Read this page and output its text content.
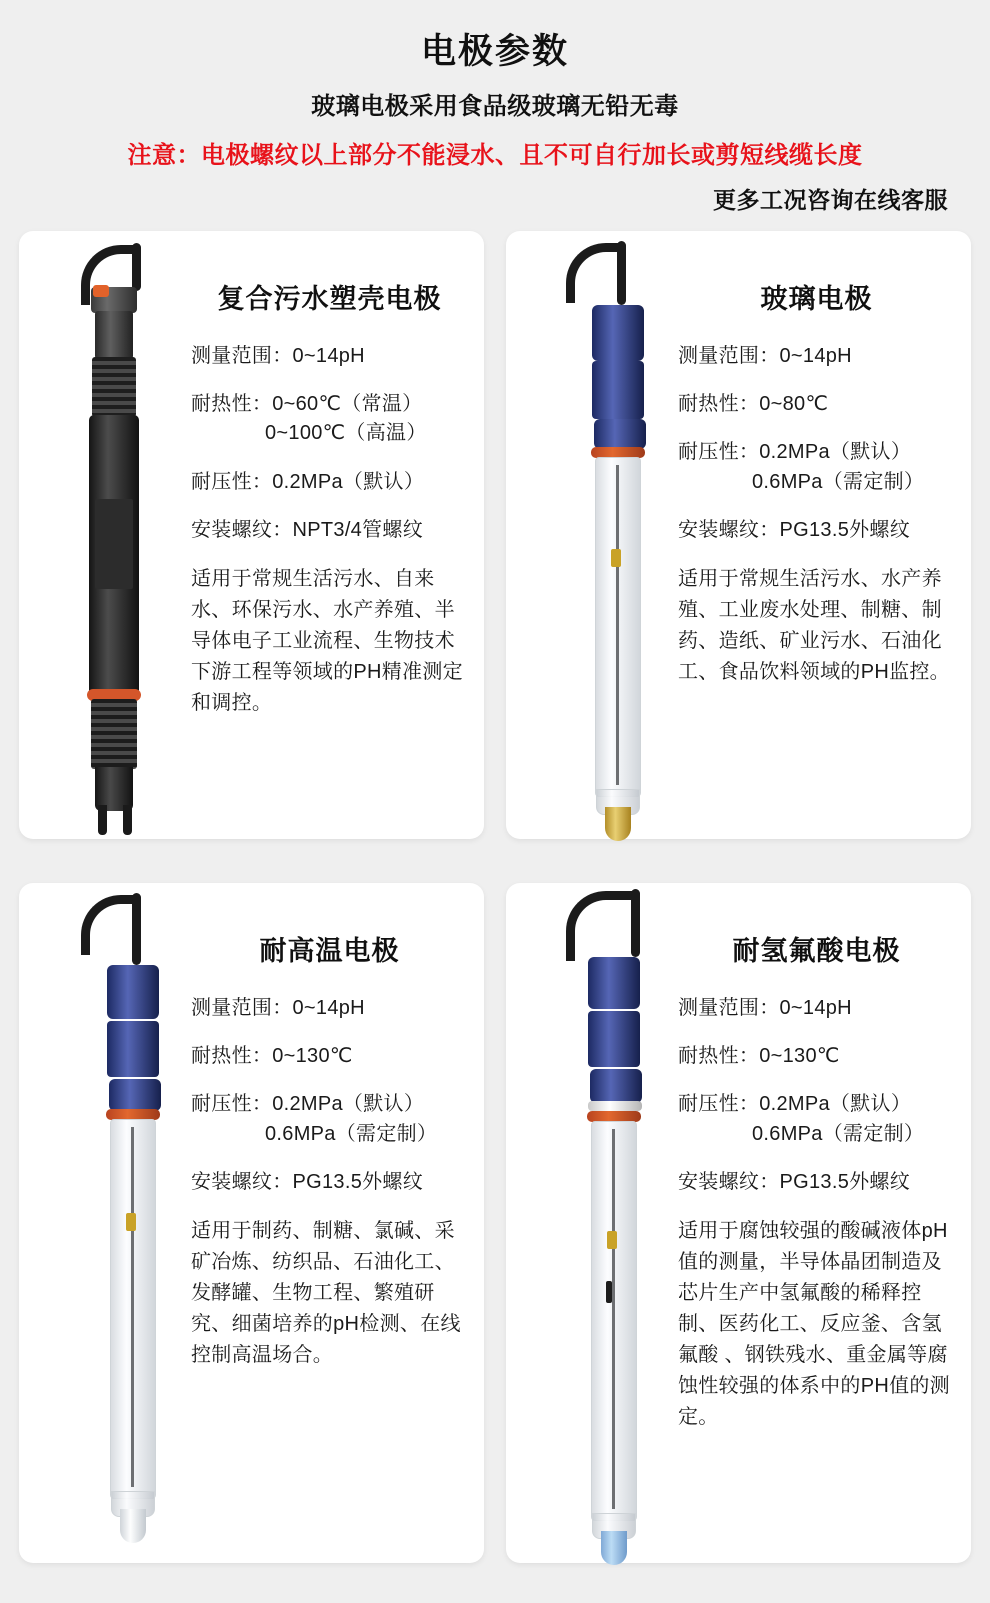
电极参数
玻璃电极采用食品级玻璃无铅无毒
注意：电极螺纹以上部分不能浸水、且不可自行加长或剪短线缆长度
更多工况咨询在线客服
复合污水塑壳电极
测量范围：0~14pH
耐热性：0~60℃（常温）
0~100℃（高温）
耐压性：0.2MPa（默认）
安装螺纹：NPT3/4管螺纹
适用于常规生活污水、自来水、环保污水、水产养殖、半导体电子工业流程、生物技术下游工程等领域的PH精准测定和调控。
玻璃电极
测量范围：0~14pH
耐热性：0~80℃
耐压性：0.2MPa（默认）
0.6MPa（需定制）
安装螺纹：PG13.5外螺纹
适用于常规生活污水、水产养殖、工业废水处理、制糖、制药、造纸、矿业污水、石油化工、食品饮料领域的PH监控。
耐高温电极
测量范围：0~14pH
耐热性：0~130℃
耐压性：0.2MPa（默认）
0.6MPa（需定制）
安装螺纹：PG13.5外螺纹
适用于制药、制糖、氯碱、采矿冶炼、纺织品、石油化工、发酵罐、生物工程、繁殖研究、细菌培养的pH检测、在线控制高温场合。
耐氢氟酸电极
测量范围：0~14pH
耐热性：0~130℃
耐压性：0.2MPa（默认）
0.6MPa（需定制）
安装螺纹：PG13.5外螺纹
适用于腐蚀较强的酸碱液体pH值的测量，半导体晶团制造及芯片生产中氢氟酸的稀释控制、医药化工、反应釜、含氢氟酸 、钢铁残水、重金属等腐蚀性较强的体系中的PH值的测定。
